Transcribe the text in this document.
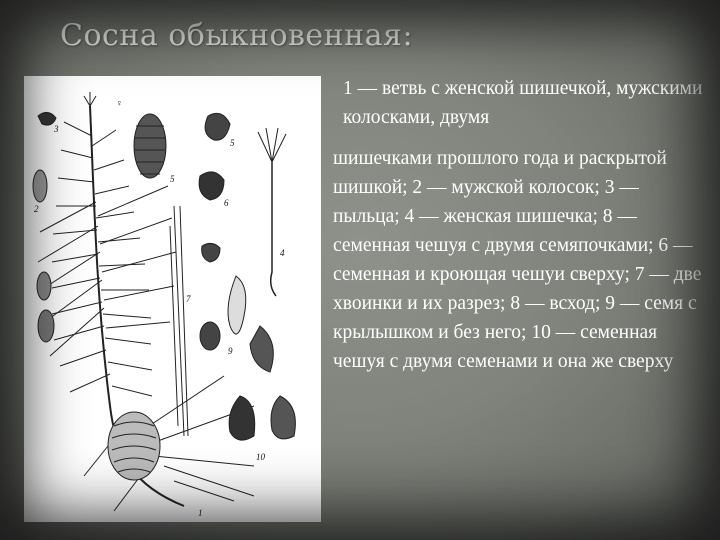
Сосна обыкновенная:
♀
3
5
5
2
6
4
7
9
10
1

1 — ветвь с женской шишечкой, мужскими колосками, двумя

шишечками прошлого года и раскрытой шишкой; 2 — мужской колосок; 3 — пыльца; 4 — женская шишечка; 8 — семенная чешуя с двумя семяпочками; 6 — семенная и кроющая чешуи сверху; 7 — две хвоинки и их разрез; 8 — всход; 9 — семя с крылышком и без него; 10 — семенная чешуя с двумя семенами и она же сверху
